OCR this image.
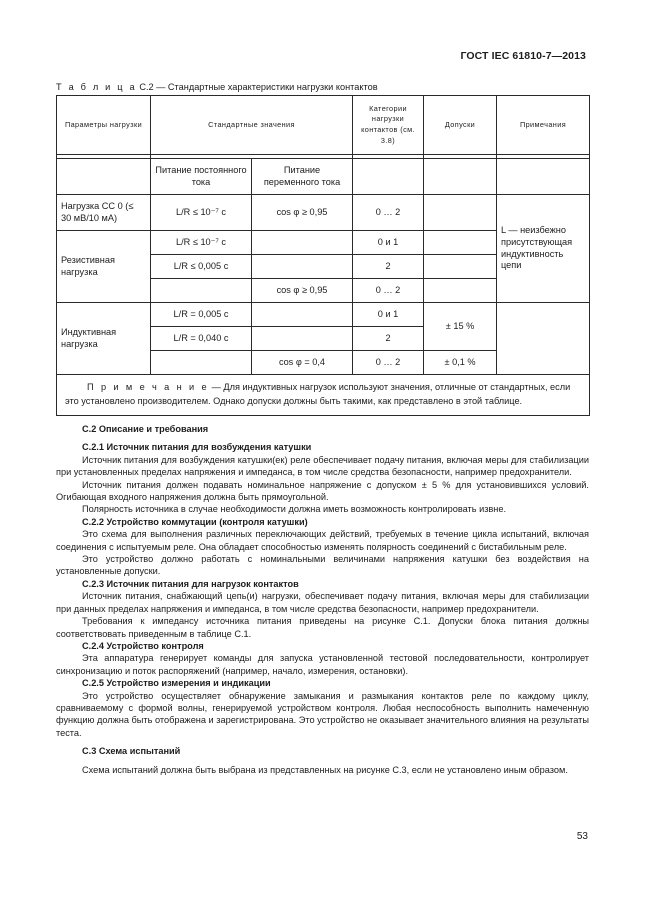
ГОСТ IEC 61810-7—2013
Т а б л и ц а С.2 — Стандартные характеристики нагрузки контактов
Параметры нагрузки	Стандартные значения		Категории нагрузки контактов (см. 3.8)	Допуски	Примечания

	Питание постоянного тока	Питание переменного тока			
Нагрузка СС 0 (≤ 30 мВ/10 мА)	L/R ≤ 10⁻⁷ с	cos φ ≥ 0,95	0 … 2		L — неизбежно присутствующая индуктивность цепи
Резистивная нагрузка	L/R ≤ 10⁻⁷ с		0 и 1		
	L/R ≤ 0,005 с		2		
		cos φ ≥ 0,95	0 … 2		
Индуктивная нагрузка	L/R = 0,005 с		0 и 1	± 15 %	
	L/R = 0,040 с		2		
		cos φ = 0,4	0 … 2	± 0,1 %	
П р и м е ч а н и е — Для индуктивных нагрузок используют значения, отличные от стандартных, если это установлено производителем. Однако допуски должны быть такими, как представлено в этой таблице.					
С.2 Описание и требования
С.2.1 Источник питания для возбуждения катушки

Источник питания для возбуждения катушки(ек) реле обеспечивает подачу питания, включая меры для стабилизации при установленных пределах напряжения и импеданса, в том числе средства безопасности, например предохранители.

Источник питания должен подавать номинальное напряжение с допуском ± 5 % для установившихся условий. Огибающая входного напряжения должна быть прямоугольной.

Полярность источника в случае необходимости должна иметь возможность контролировать извне.

С.2.2 Устройство коммутации (контроля катушки)

Это схема для выполнения различных переключающих действий, требуемых в течение цикла испытаний, включая соединения с испытуемым реле. Она обладает способностью изменять полярность соединений с бистабильным реле.

Это устройство должно работать с номинальными величинами напряжения катушки без воздействия на установленные допуски.

С.2.3 Источник питания для нагрузок контактов

Источник питания, снабжающий цепь(и) нагрузки, обеспечивает подачу питания, включая меры для стабилизации при данных пределах напряжения и импеданса, в том числе средства безопасности, например предохранители.

Требования к импедансу источника питания приведены на рисунке С.1. Допуски блока питания должны соответствовать приведенным в таблице С.1.

С.2.4 Устройство контроля

Эта аппаратура генерирует команды для запуска установленной тестовой последовательности, контролирует синхронизацию и поток распоряжений (например, начало, измерения, остановки).

С.2.5 Устройство измерения и индикации

Это устройство осуществляет обнаружение замыкания и размыкания контактов реле по каждому циклу, сравниваемому с формой волны, генерируемой устройством контроля. Любая неспособность выполнить намеченную функцию должна быть отображена и зарегистрирована. Это устройство не оказывает значительного влияния на результаты теста.

С.3 Схема испытаний

Схема испытаний должна быть выбрана из представленных на рисунке С.3, если не установлено иным образом.

53
